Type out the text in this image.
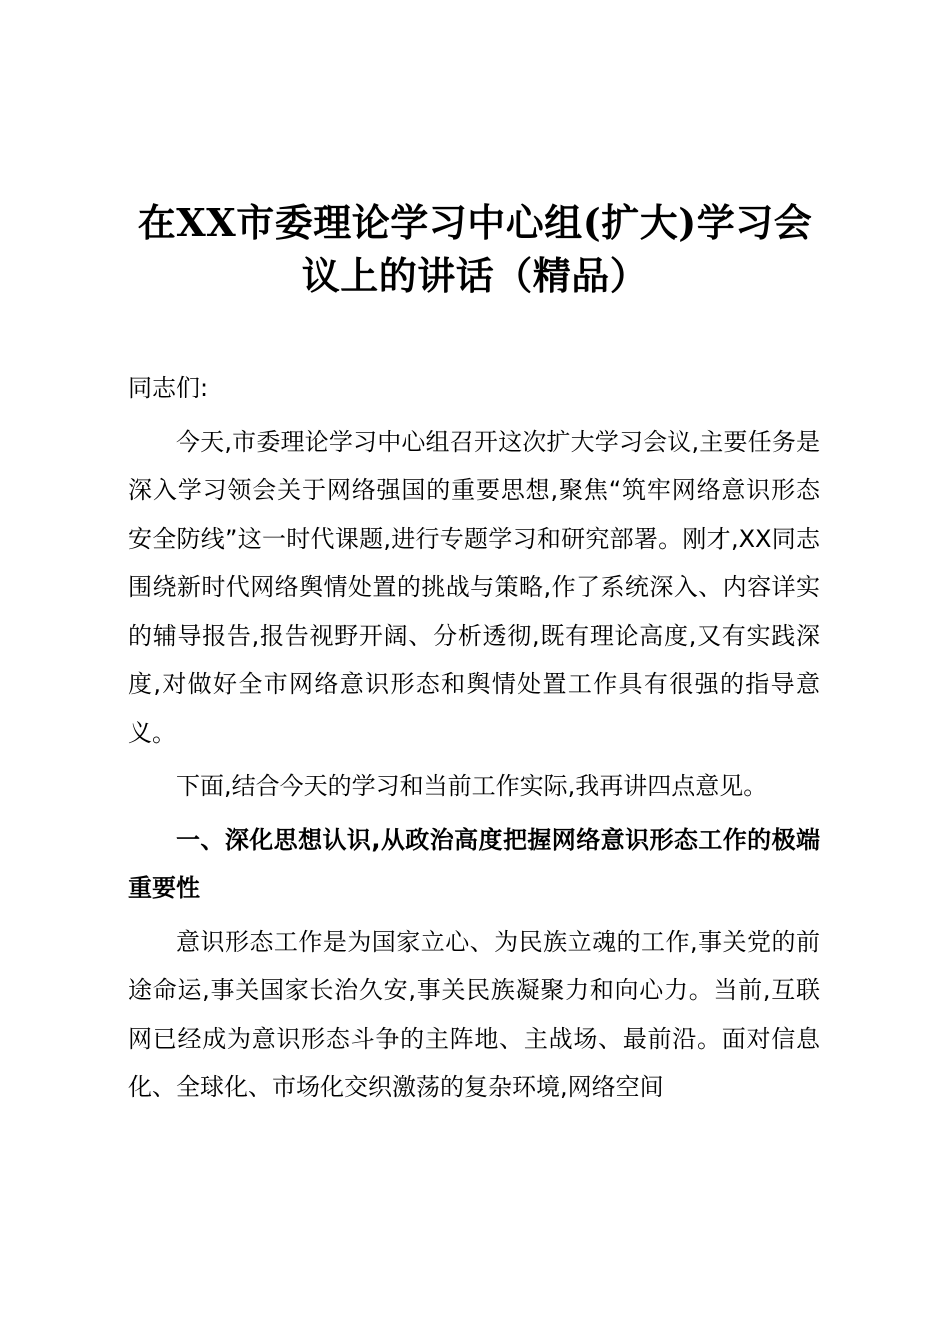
在XX市委理论学习中心组(扩大)学习会
议上的讲话（精品）

同志们:

今天,市委理论学习中心组召开这次扩大学习会议,主要任务是深入学习领会关于网络强国的重要思想,聚焦“筑牢网络意识形态安全防线”这一时代课题,进行专题学习和研究部署。刚才,XX同志围绕新时代网络舆情处置的挑战与策略,作了系统深入、内容详实的辅导报告,报告视野开阔、分析透彻,既有理论高度,又有实践深度,对做好全市网络意识形态和舆情处置工作具有很强的指导意义。

下面,结合今天的学习和当前工作实际,我再讲四点意见。

一、深化思想认识,从政治高度把握网络意识形态工作的极端重要性

意识形态工作是为国家立心、为民族立魂的工作,事关党的前途命运,事关国家长治久安,事关民族凝聚力和向心力。当前,互联网已经成为意识形态斗争的主阵地、主战场、最前沿。面对信息化、全球化、市场化交织激荡的复杂环境,网络空间
